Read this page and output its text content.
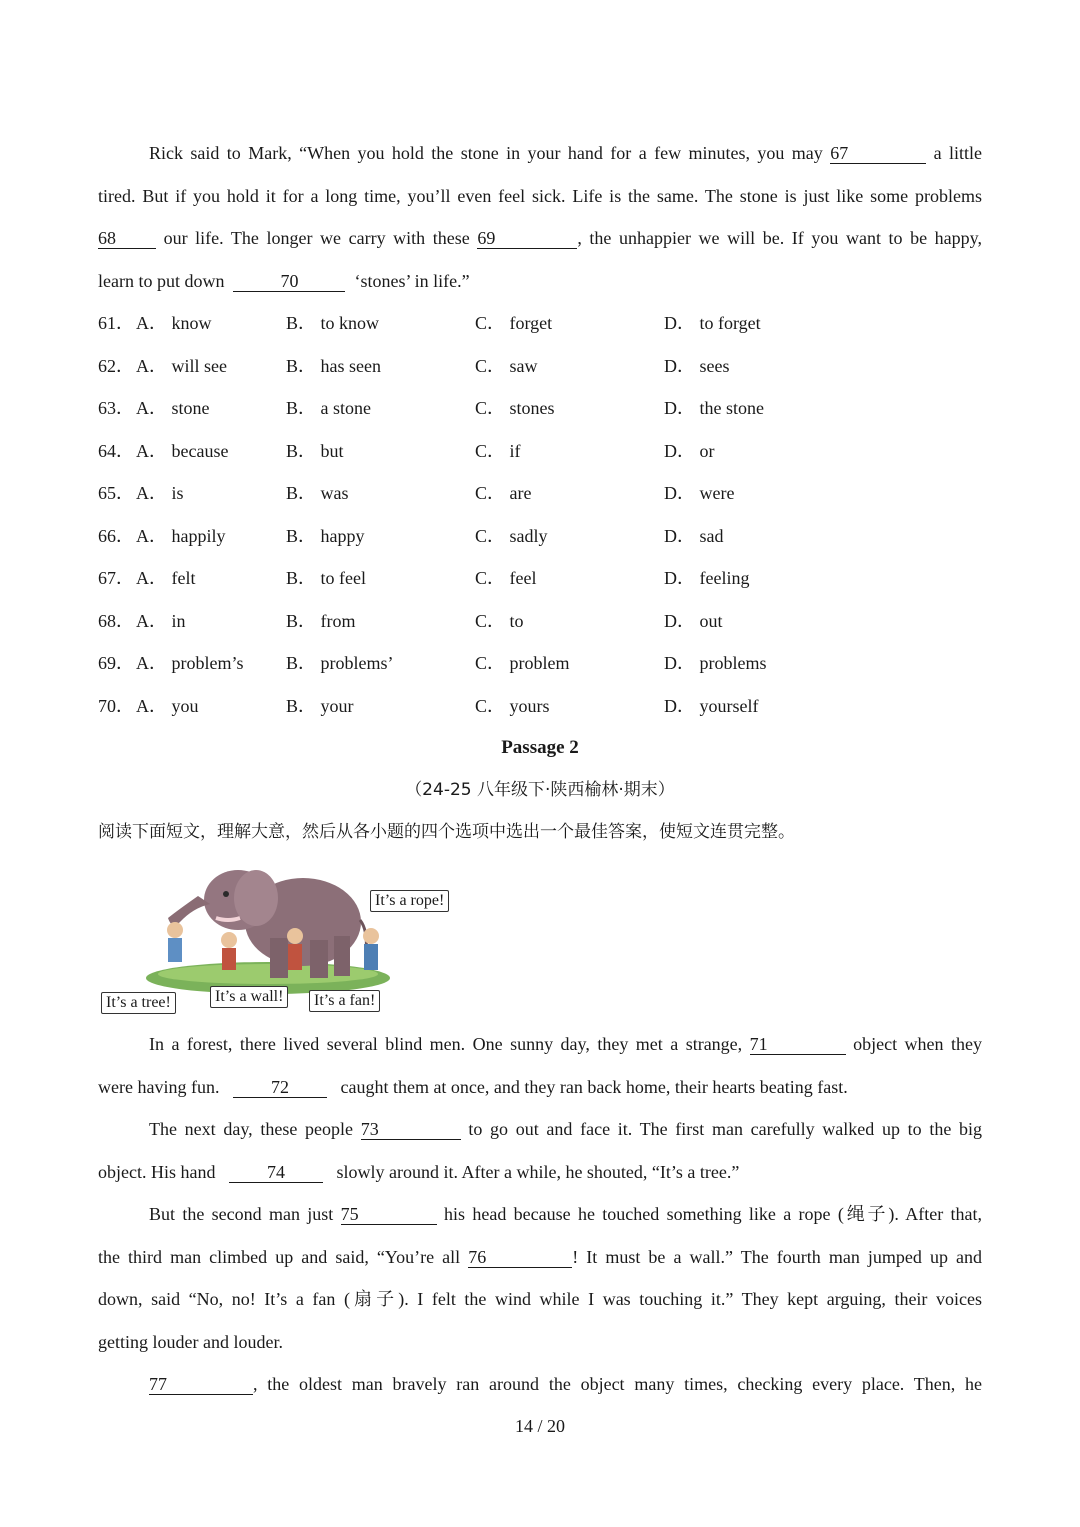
Rick said to Mark, “When you hold the stone in your hand for a few minutes, you may 67	a little
tired. But if you hold it for a long time, you’ll even feel sick. Life is the same. The stone is just like some problems
68	our life. The longer we carry with these 69	, the unhappier we will be. If you want to be happy,
learn to put down	70	‘stones’ in life.”
61． A． know	B． to know	C． forget	D． to forget
62． A． will see	B． has seen	C． saw	D． sees
63． A． stone	B． a stone	C． stones	D． the stone
64． A． because	B． but	C． if	D． or
65． A． is	B． was	C． are	D． were
66． A． happily	B． happy	C． sadly	D． sad
67． A． felt	B． to feel	C． feel	D． feeling
68． A． in	B． from	C． to	D． out
69． A． problem’s B． problems’	C． problem	D． problems
70． A． you	B． your	C． yours	D． yourself
Passage 2
（24-25 八年级下·陕西榆林·期末）
阅读下面短文，理解大意，然后从各小题的四个选项中选出一个最佳答案，使短文连贯完整。
It’s a rope!
It’s a tree!	It’s a wall!	It’s a fan!
In a forest, there lived several blind men. One sunny day, they met a strange, 71	object when they
were having fun.	72	caught them at once, and they ran back home, their hearts beating fast.
The next day, these people 73	to go out and face it. The first man carefully walked up to the big
object. His hand	74	slowly around it. After a while, he shouted, “It’s a tree.”
But the second man just 75	his head because he touched something like a rope (绳子). After that,
the third man climbed up and said, “You’re all 76	! It must be a wall.” The fourth man jumped up and
down, said “No, no! It’s a fan (扇子). I felt the wind while I was touching it.” They kept arguing, their voices
getting louder and louder.
77	, the oldest man bravely ran around the object many times, checking every place. Then, he
14 / 20
